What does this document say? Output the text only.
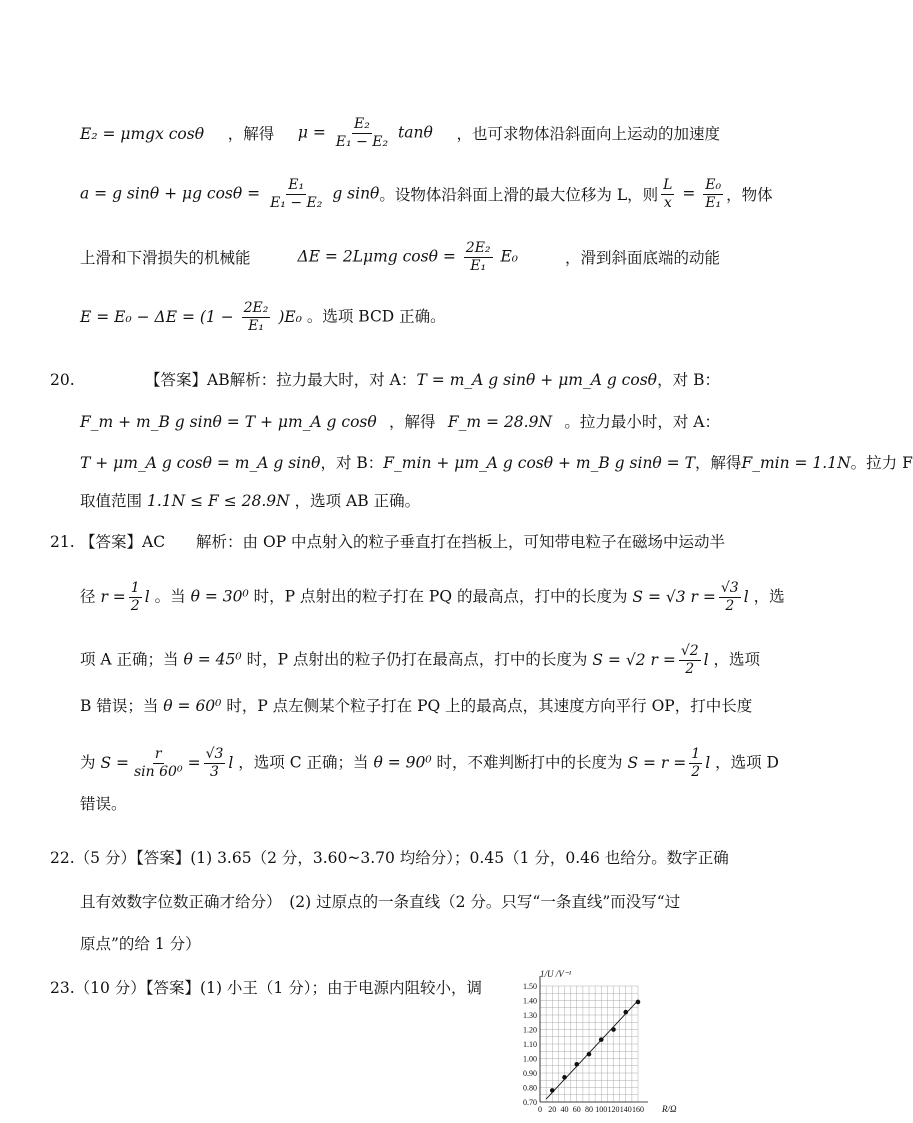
E₂ = μmgx cosθ ，解得 $\mu = \frac{\text{E₂}}{\text{E₁ − E₂}}$ tanθ ，也可求物体沿斜面向上运动的加速度
a = g sinθ + μg $\cos\theta = \frac{\text{E₁}}{\text{E₁ − E₂}}$ g sinθ 。设物体沿斜面上滑的最大位移为 L，则 $\frac{L}{x} = \frac{\text{E₀}}{\text{E₁}}$ ，物体
上滑和下滑损失的机械能	ΔE = 2Lμmg $\cos\theta = \frac{\text{2E₂}}{\text{E₁}} E_0$	，滑到斜面底端的动能
$E = E_0 - \Delta E = (1 - \frac{\text{2E₂}}{\text{E₁}} )E_0$ 。选项 BCD 正确。
20.	【答案】AB 解析：拉力最大时，对 A： T = m_A g sinθ + μm_A g cosθ ，对 B：
F_m + m_B g sinθ = T + μm_A g cosθ ，解得 F_m = 28.9N 。拉力最小时，对 A：
T + μm_A g cosθ = m_A g sinθ ，对 B： F_min + μm_A g cosθ + m_B g sinθ = T ，解得 F_min = 1.1N 。拉力 F
取值范围 1.1N ≤ F ≤ 28.9N ，选项 AB 正确。
21. 【答案】AC　　解析：由 OP 中点射入的粒子垂直打在挡板上，可知带电粒子在磁场中运动半
径 $r = \frac{1}{2}$ l 。当 θ = 30⁰ 时，P 点射出的粒子打在 PQ 的最高点，打中的长度为 S = √3 $r = \frac{√3}{2}$ l ，选
项 A 正确；当 θ = 45⁰ 时，P 点射出的粒子仍打在最高点，打中的长度为 S = √2 $r = \frac{√2}{2}$ l ，选项
B 错误；当 θ = 60⁰ 时，P 点左侧某个粒子打在 PQ 上的最高点，其速度方向平行 OP，打中长度
为 $S = \frac{r}{\text{sin 60⁰}} = \frac{√3}{3}$ l ，选项 C 正确；当 θ = 90⁰ 时，不难判断打中的长度为 $S = r = \frac{1}{2}$ l ，选项 D
错误。
22.（5 分）【答案】(1) 3.65（2 分，3.60~3.70 均给分）；0.45（1 分，0.46 也给分。数字正确
且有效数字位数正确才给分）　(2) 过原点的一条直线（2 分。只写“一条直线”而没写“过
原点”的给 1 分）
23.（10 分）【答案】(1) 小王（1 分）；由于电源内阻较小，调
0 20 40 60 80 100 120 140 160
0.70
0.80
0.90
1.00
1.10
1.20
1.30
1.40
1.50
1/U /V⁻¹
R/Ω
